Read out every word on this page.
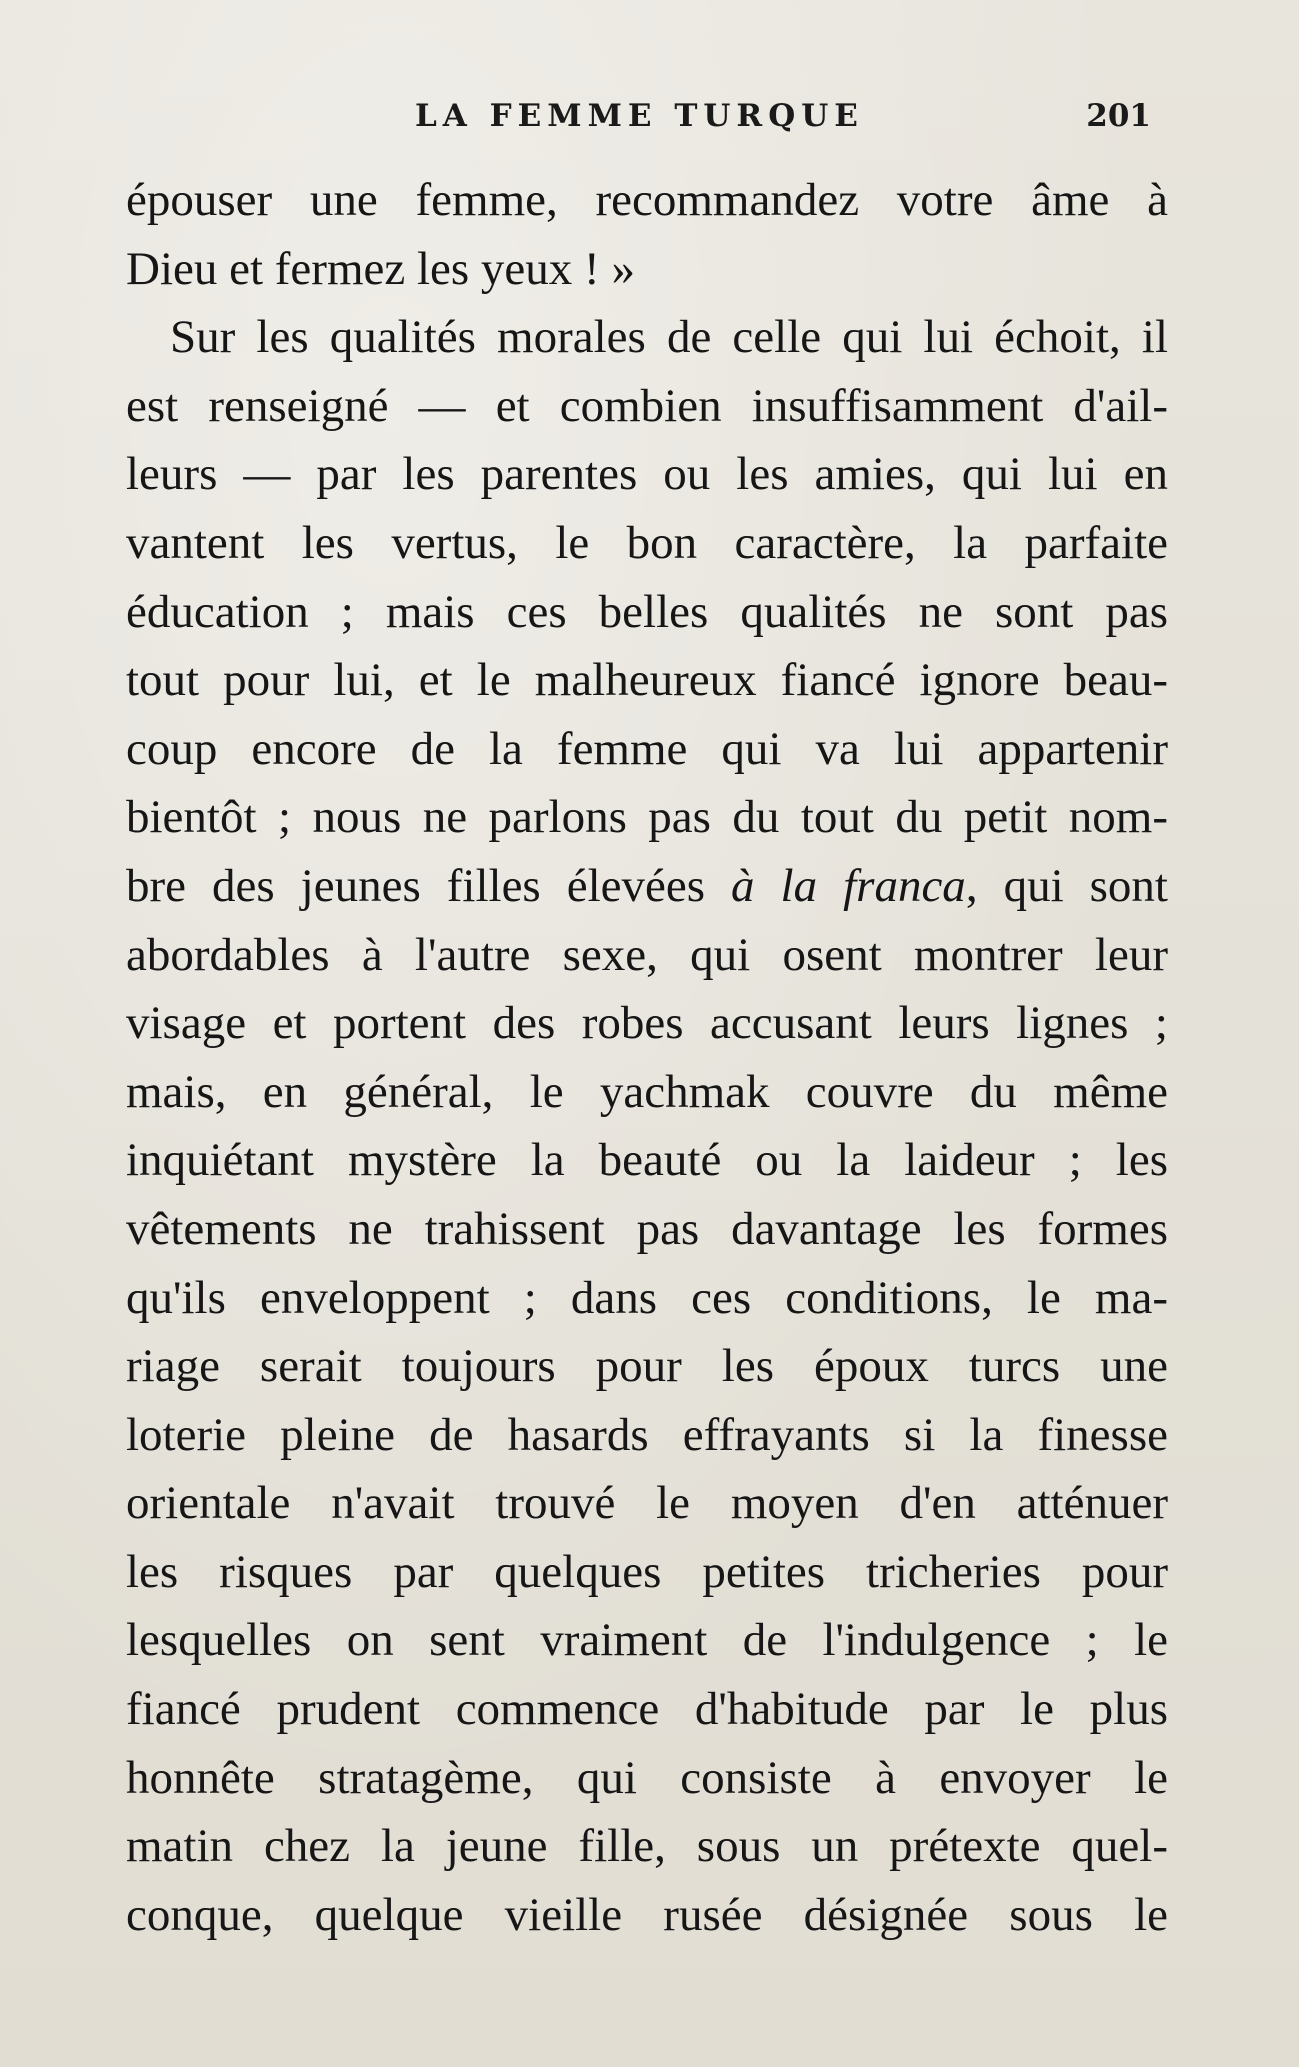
LA FEMME TURQUE	201
épouser une femme, recommandez votre âme à
Dieu et fermez les yeux ! »
Sur les qualités morales de celle qui lui échoit, il
est renseigné — et combien insuffisamment d'ail-
leurs — par les parentes ou les amies, qui lui en
vantent les vertus, le bon caractère, la parfaite
éducation ; mais ces belles qualités ne sont pas
tout pour lui, et le malheureux fiancé ignore beau-
coup encore de la femme qui va lui appartenir
bientôt ; nous ne parlons pas du tout du petit nom-
bre des jeunes filles élevées à la franca, qui sont
abordables à l'autre sexe, qui osent montrer leur
visage et portent des robes accusant leurs lignes ;
mais, en général, le yachmak couvre du même
inquiétant mystère la beauté ou la laideur ; les
vêtements ne trahissent pas davantage les formes
qu'ils enveloppent ; dans ces conditions, le ma-
riage serait toujours pour les époux turcs une
loterie pleine de hasards effrayants si la finesse
orientale n'avait trouvé le moyen d'en atténuer
les risques par quelques petites tricheries pour
lesquelles on sent vraiment de l'indulgence ; le
fiancé prudent commence d'habitude par le plus
honnête stratagème, qui consiste à envoyer le
matin chez la jeune fille, sous un prétexte quel-
conque, quelque vieille rusée désignée sous le
